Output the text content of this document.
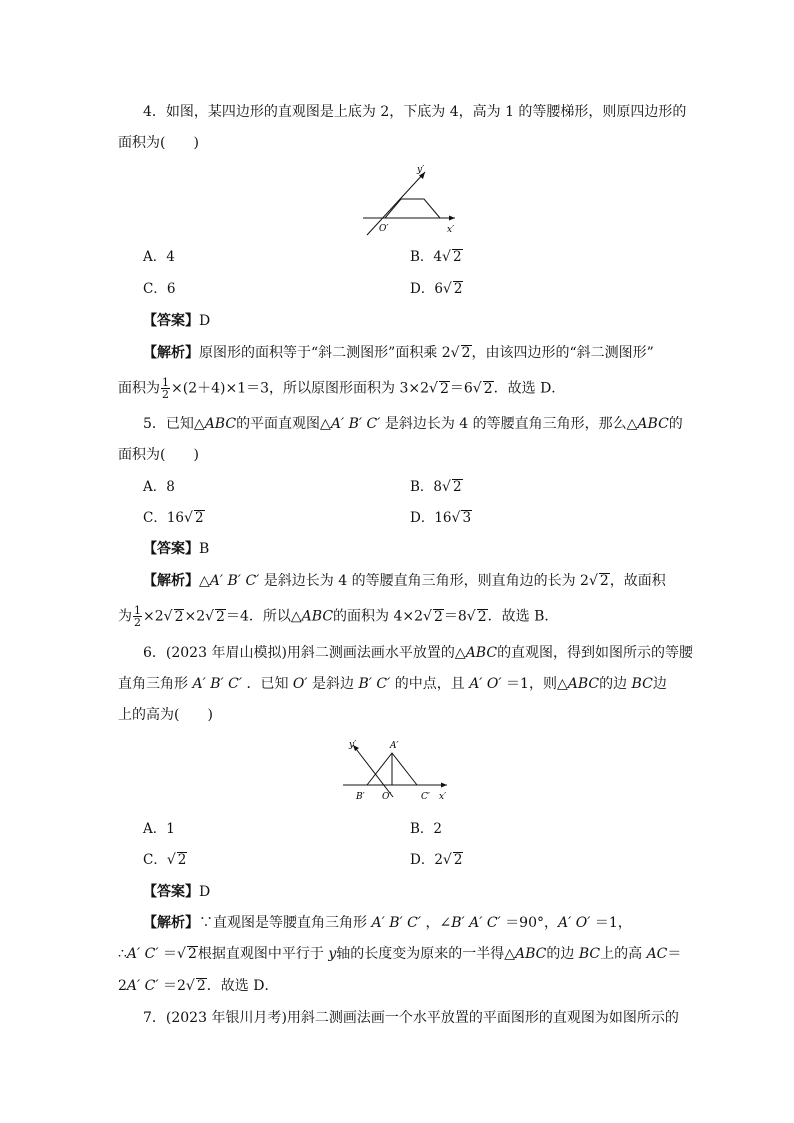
4．如图，某四边形的直观图是上底为 2，下底为 4，高为 1 的等腰梯形，则原四边形的
面积为(　　)
y′
x′
O′
A．4	B．4√ 2
C．6	D．6√ 2
【答案】D
【解析】原图形的面积等于“斜二测图形”面积乘 2√ 2，由该四边形的“斜二测图形”
面积为 $\frac{1}{2} \times(2+4)\times 1=3$，所以原图形面积为 3×2√ 2＝6√ 2．故选 D．
5．已知△ABC的平面直观图△A′ B′ C′ 是斜边长为 4 的等腰直角三角形，那么△ABC的
面积为(　　)
A．8	B．8√ 2
C．16√ 2	D．16√ 3
【答案】B
【解析】△A′ B′ C′ 是斜边长为 4 的等腰直角三角形，则直角边的长为 2√ 2，故面积
为 $\frac{1}{2} \times 2√$ 2×2√ 2＝4．所以△ABC的面积为 4×2√ 2＝8√ 2．故选 B．
6．(2023 年眉山模拟)用斜二测画法画水平放置的△ABC的直观图，得到如图所示的等腰
直角三角形 A′ B′ C′ ．已知 O′ 是斜边 B′ C′ 的中点，且 A′ O′ ＝1，则△ABC的边 BC边
上的高为(　　)
y′	A′
B′ O′	C′ x′
A．1	B．2
C．√ 2	D．2√ 2
【答案】D
【解析】∵直观图是等腰直角三角形 A′ B′ C′ ，∠B′ A′ C′ ＝90°，A′ O′ ＝1，
∴A′ C′ ＝√ 2根据直观图中平行于 y轴的长度变为原来的一半得△ABC的边 BC上的高 AC＝
2A′ C′ ＝2√ 2．故选 D．
7．(2023 年银川月考)用斜二测画法画一个水平放置的平面图形的直观图为如图所示的
